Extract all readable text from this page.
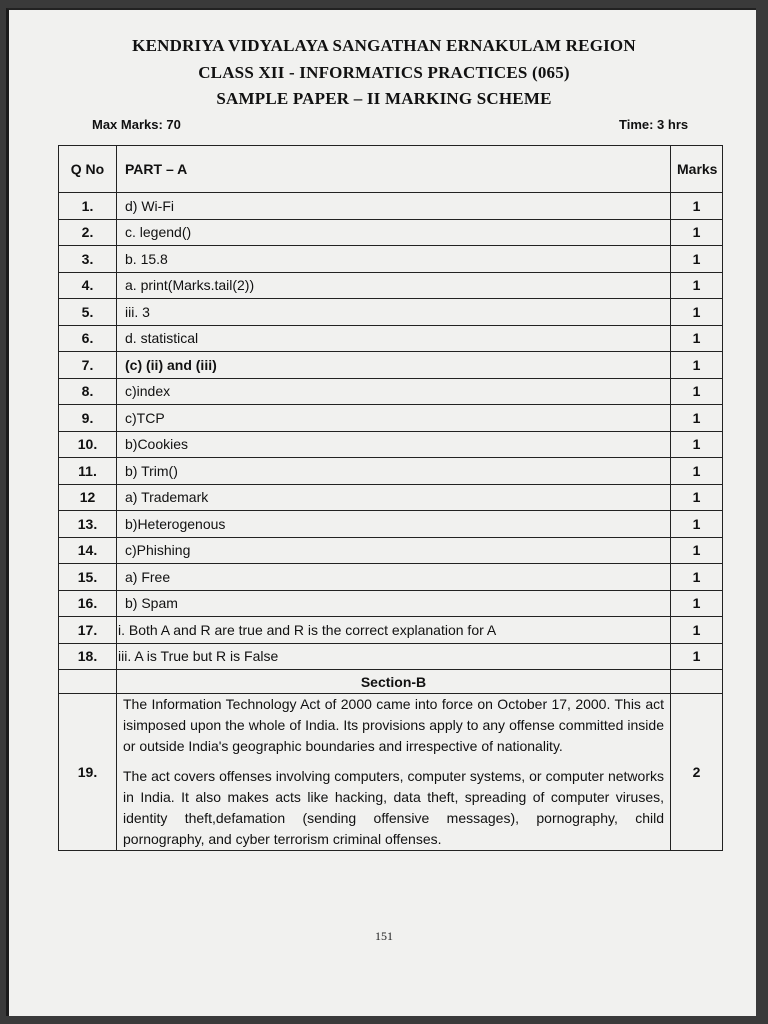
KENDRIYA VIDYALAYA SANGATHAN ERNAKULAM REGION
CLASS XII - INFORMATICS PRACTICES (065)
SAMPLE PAPER – II MARKING SCHEME
Max Marks: 70	Time: 3 hrs
Q No	PART – A	Marks
1.	d) Wi-Fi	1
2.	c. legend()	1
3.	b. 15.8	1
4.	a. print(Marks.tail(2))	1
5.	iii. 3	1
6.	d. statistical	1
7.	(c) (ii) and (iii)	1
8.	c)index	1
9.	c)TCP	1
10.	b)Cookies	1
11.	b) Trim()	1
12	a) Trademark	1
13.	b)Heterogenous	1
14.	c)Phishing	1
15.	a) Free	1
16.	b) Spam	1
17.	i. Both A and R are true and R is the correct explanation for A	1
18.	iii. A is True but R is False	1
	Section-B	
19.	The Information Technology Act of 2000 came into force on October 17, 2000. This act isimposed upon the whole of India. Its provisions apply to any offense committed inside or outside India's geographic boundaries and irrespective of nationality.

The act covers offenses involving computers, computer systems, or computer networks in India. It also makes acts like hacking, data theft, spreading of computer viruses, identity theft,defamation (sending offensive messages), pornography, child pornography, and cyber terrorism criminal offenses.	2
151
